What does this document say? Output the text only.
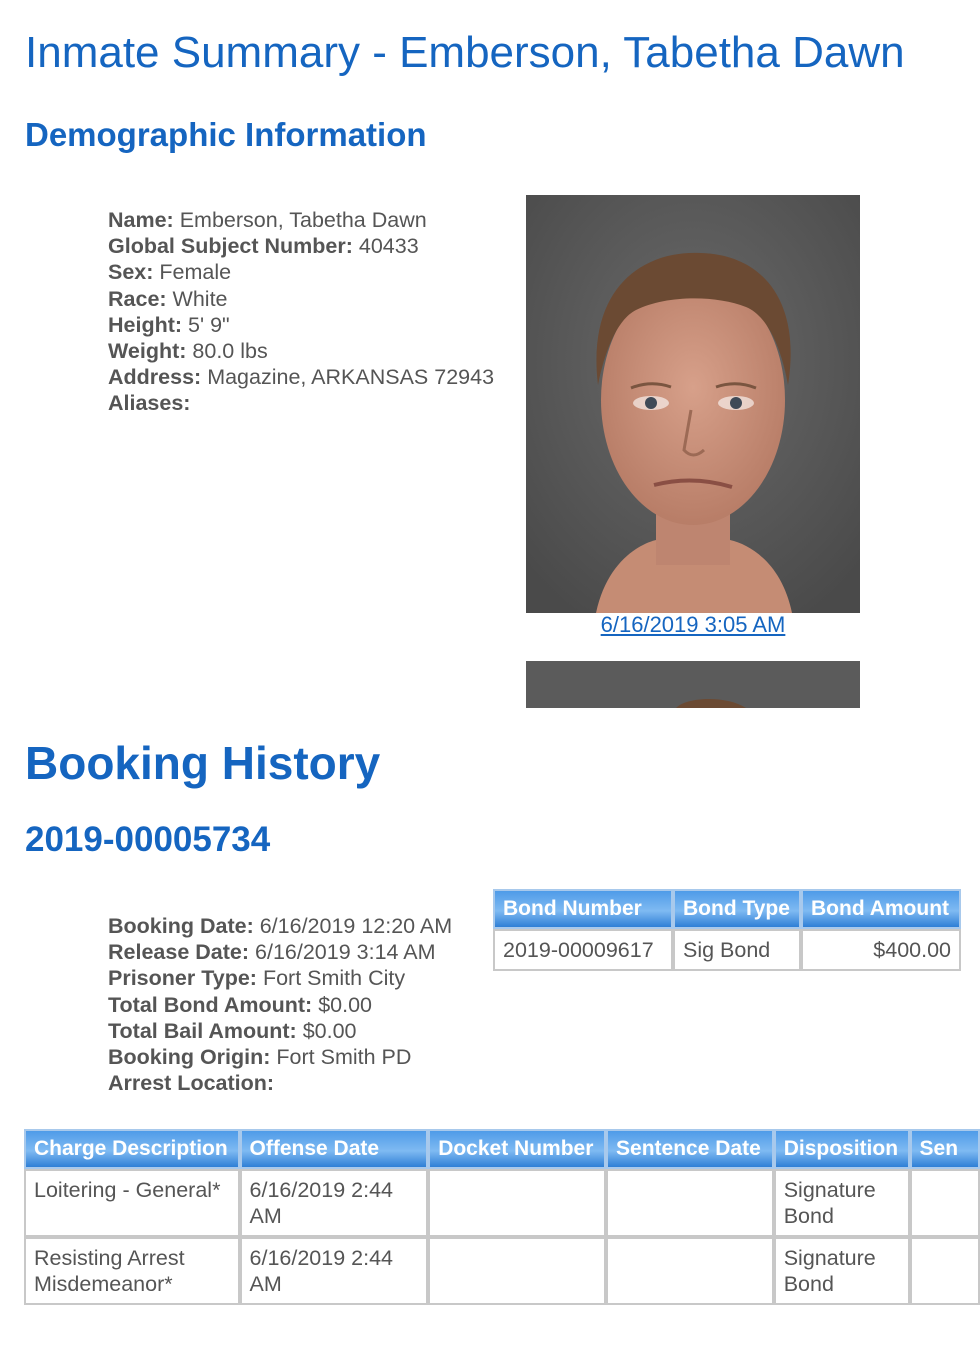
Inmate Summary - Emberson, Tabetha Dawn
Demographic Information
Name: Emberson, Tabetha Dawn
Global Subject Number: 40433
Sex: Female
Race: White
Height: 5' 9"
Weight: 80.0 lbs
Address: Magazine, ARKANSAS 72943
Aliases:
6/16/2019 3:05 AM
Booking History
2019-00005734
Booking Date: 6/16/2019 12:20 AM
Release Date: 6/16/2019 3:14 AM
Prisoner Type: Fort Smith City
Total Bond Amount: $0.00
Total Bail Amount: $0.00
Booking Origin: Fort Smith PD
Arrest Location:
Bond Number	Bond Type	Bond Amount
2019-00009617	Sig Bond	$400.00
Charge Description	Offense Date	Docket Number	Sentence Date	Disposition	Sen
Loitering - General*	6/16/2019 2:44 AM			Signature Bond	
Resisting Arrest Misdemeanor*	6/16/2019 2:44 AM			Signature Bond	
